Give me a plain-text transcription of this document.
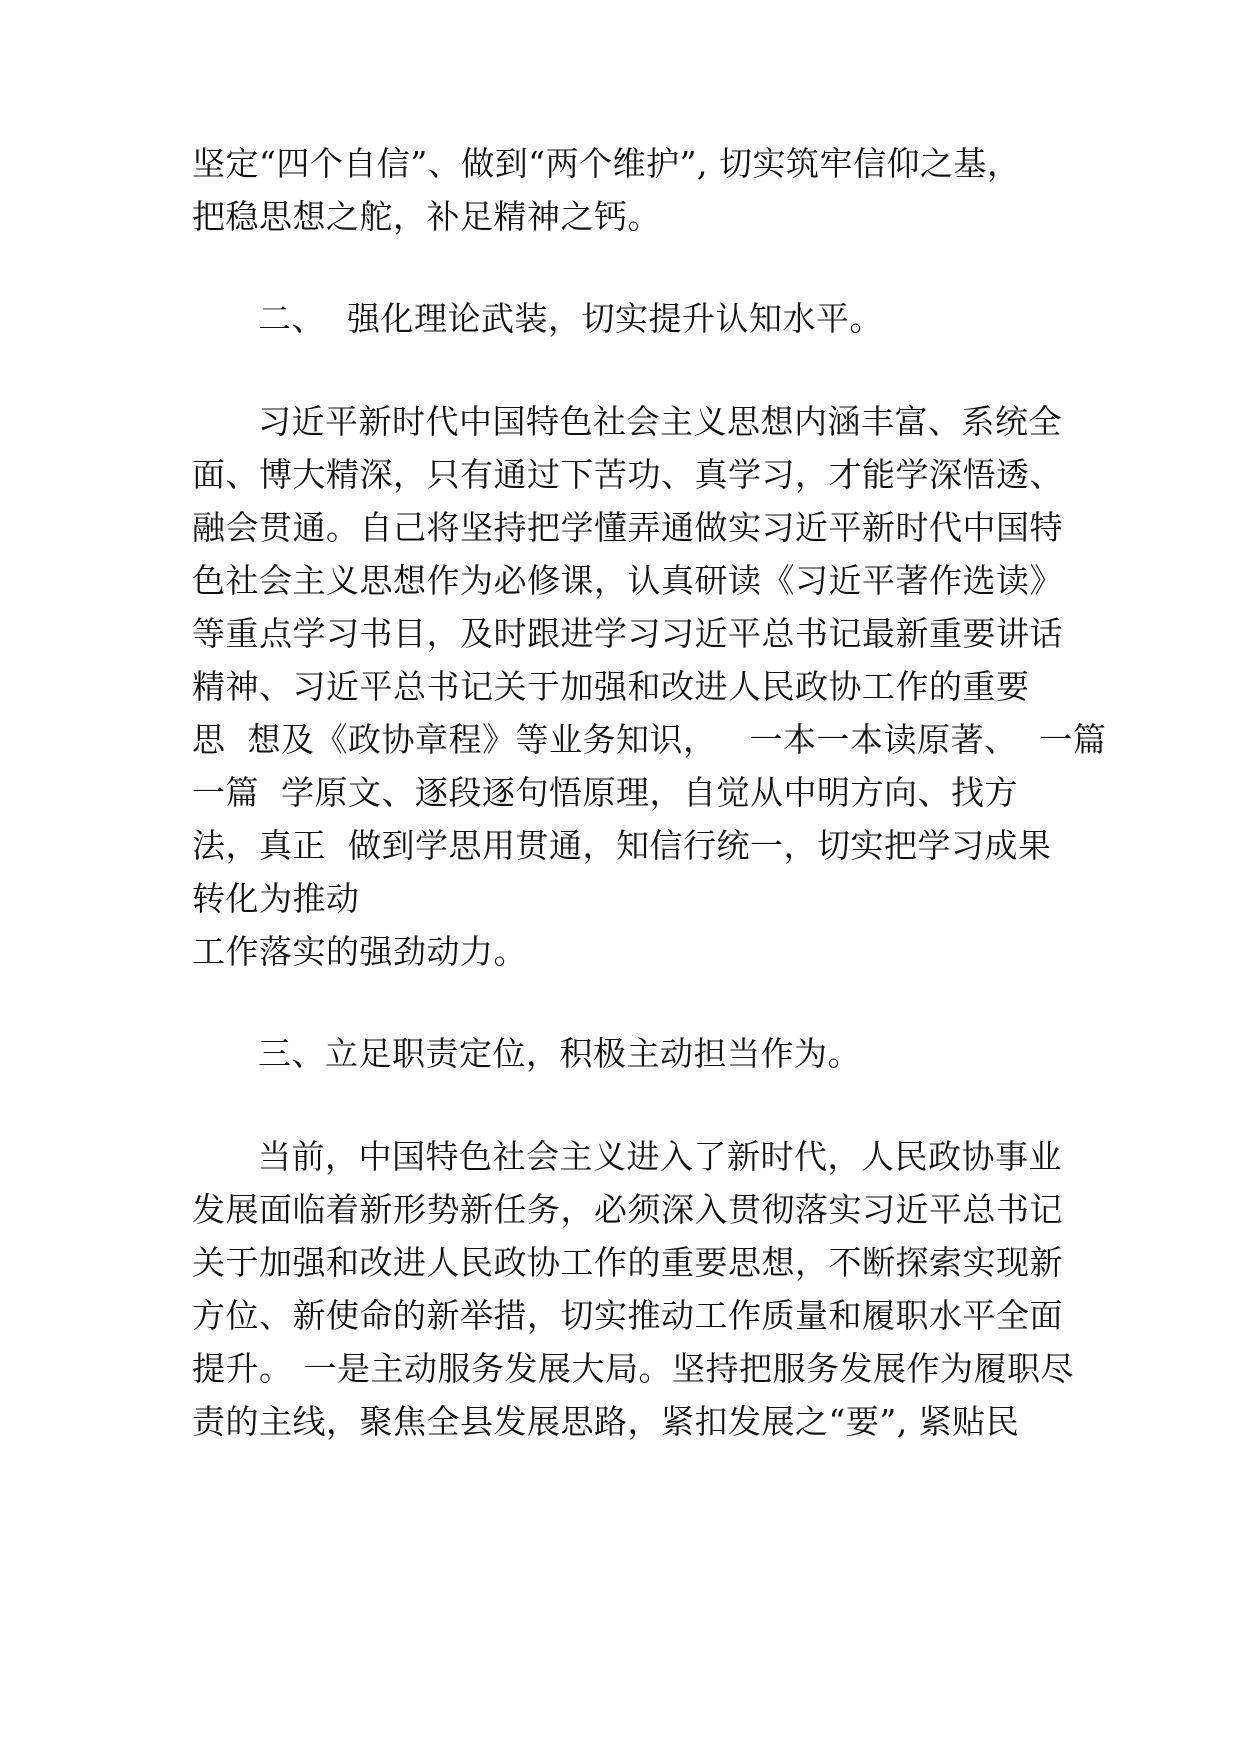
坚定“四个自信”、做到“两个维护”, 切实筑牢信仰之基，
把稳思想之舵，补足精神之钙。
二、  强化理论武装，切实提升认知水平。
习近平新时代中国特色社会主义思想内涵丰富、系统全
面、博大精深，只有通过下苦功、真学习，才能学深悟透、
融会贯通。自己将坚持把学懂弄通做实习近平新时代中国特
色社会主义思想作为必修课，认真研读《习近平著作选读》
等重点学习书目，及时跟进学习习近平总书记最新重要讲话
精神、习近平总书记关于加强和改进人民政协工作的重要
思  想及《政协章程》等业务知识，   一本一本读原著、  一篇
一篇  学原文、逐段逐句悟原理，自觉从中明方向、找方
法，真正  做到学思用贯通，知信行统一，切实把学习成果
转化为推动
工作落实的强劲动力。
三、立足职责定位，积极主动担当作为。
当前，中国特色社会主义进入了新时代，人民政协事业
发展面临着新形势新任务，必须深入贯彻落实习近平总书记
关于加强和改进人民政协工作的重要思想，不断探索实现新
方位、新使命的新举措，切实推动工作质量和履职水平全面
提升。 一是主动服务发展大局。坚持把服务发展作为履职尽
责的主线，聚焦全县发展思路，紧扣发展之“要”, 紧贴民
